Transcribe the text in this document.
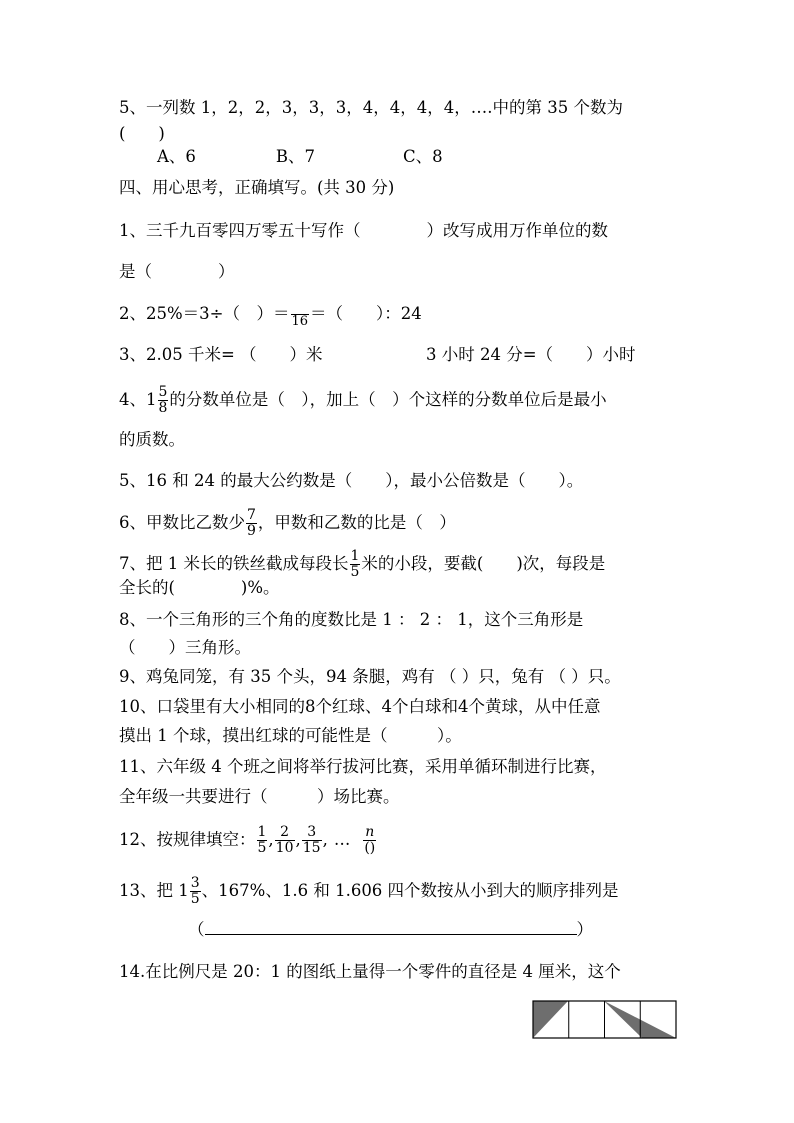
5、一列数 1，2，2，3，3，3，4，4，4，4，….中的第 35 个数为
(　　)
A、6	B、7	C、8
四、用心思考，正确填写。(共 30 分)
1、三千九百零四万零五十写作（　　　　）改写成用万作单位的数
是（　　　　）
2、25%＝3÷（　）＝
  16 ＝（　　）：24
3、2.05 千米= （　　）米	3 小时 24 分=（　　）小时
4、$1 \frac{5}{8}$ 的分数单位是（　），加上（　）个这样的分数单位后是最小
的质数。
5、16 和 24 的最大公约数是（　　），最小公倍数是（　　）。
6、甲数比乙数少 $\frac{7}{9}$ ，甲数和乙数的比是（　）
7、把 1 米长的铁丝截成每段长 $\frac{1}{5}$ 米的小段，要截(　　)次，每段是
全长的(　　　　)%。
8、一个三角形的三个角的度数比是 1 ： 2 ： 1，这个三角形是
（　　）三角形。
9、鸡兔同笼，有 35 个头，94 条腿，鸡有 （ ）只，兔有 （ ）只。
10、口袋里有大小相同的8个红球、4个白球和4个黄球，从中任意
摸出 1 个球，摸出红球的可能性是（　　　）。
11、六年级 4 个班之间将举行拔河比赛，采用单循环制进行比赛，
全年级一共要进行（　　　）场比赛。
12、按规律填空： $\frac{1}{5}$ , $\frac{2}{10}$ , $\frac{3}{15}$ , … $\frac{n}{()}$
13、把 $1 \frac{3}{5}$ 、167%、1.6 和 1.606 四个数按从小到大的顺序排列是
（	）
14.在比例尺是 20：1 的图纸上量得一个零件的直径是 4 厘米，这个
